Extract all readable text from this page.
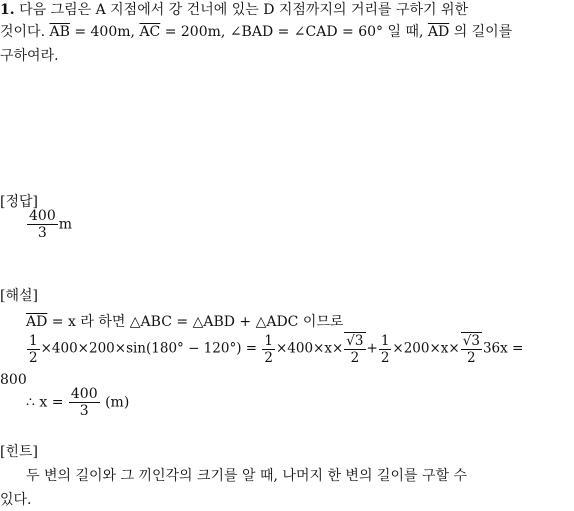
1. 다음 그림은 A 지점에서 강 건너에 있는 D 지점까지의 거리를 구하기 위한
것이다. $\overline{AB} = 400m$, $\overline{AC} = 200m$, ∠BAD = ∠CAD = 60° 일 때, $\overline{AD}$ 의 길이를
구하여라.
[정답]
$\frac{400}{3}$ m
[해설]
$\overline{AD} = x$ 라 하면 △ABC = △ABD + △ADC 이므로
$\frac{1}{2} \times 400\times 200\times\sin(180^\circ - 120^\circ) = \frac{1}{2} \times 400\times x\times \frac{√3}{2} + \frac{1}{2} \times 200\times x\times \frac{√3}{2} 36x$ =
800
∴ $x = \frac{400}{3} (m)$
[힌트]
두 변의 길이와 그 끼인각의 크기를 알 때, 나머지 한 변의 길이를 구할 수
있다.
